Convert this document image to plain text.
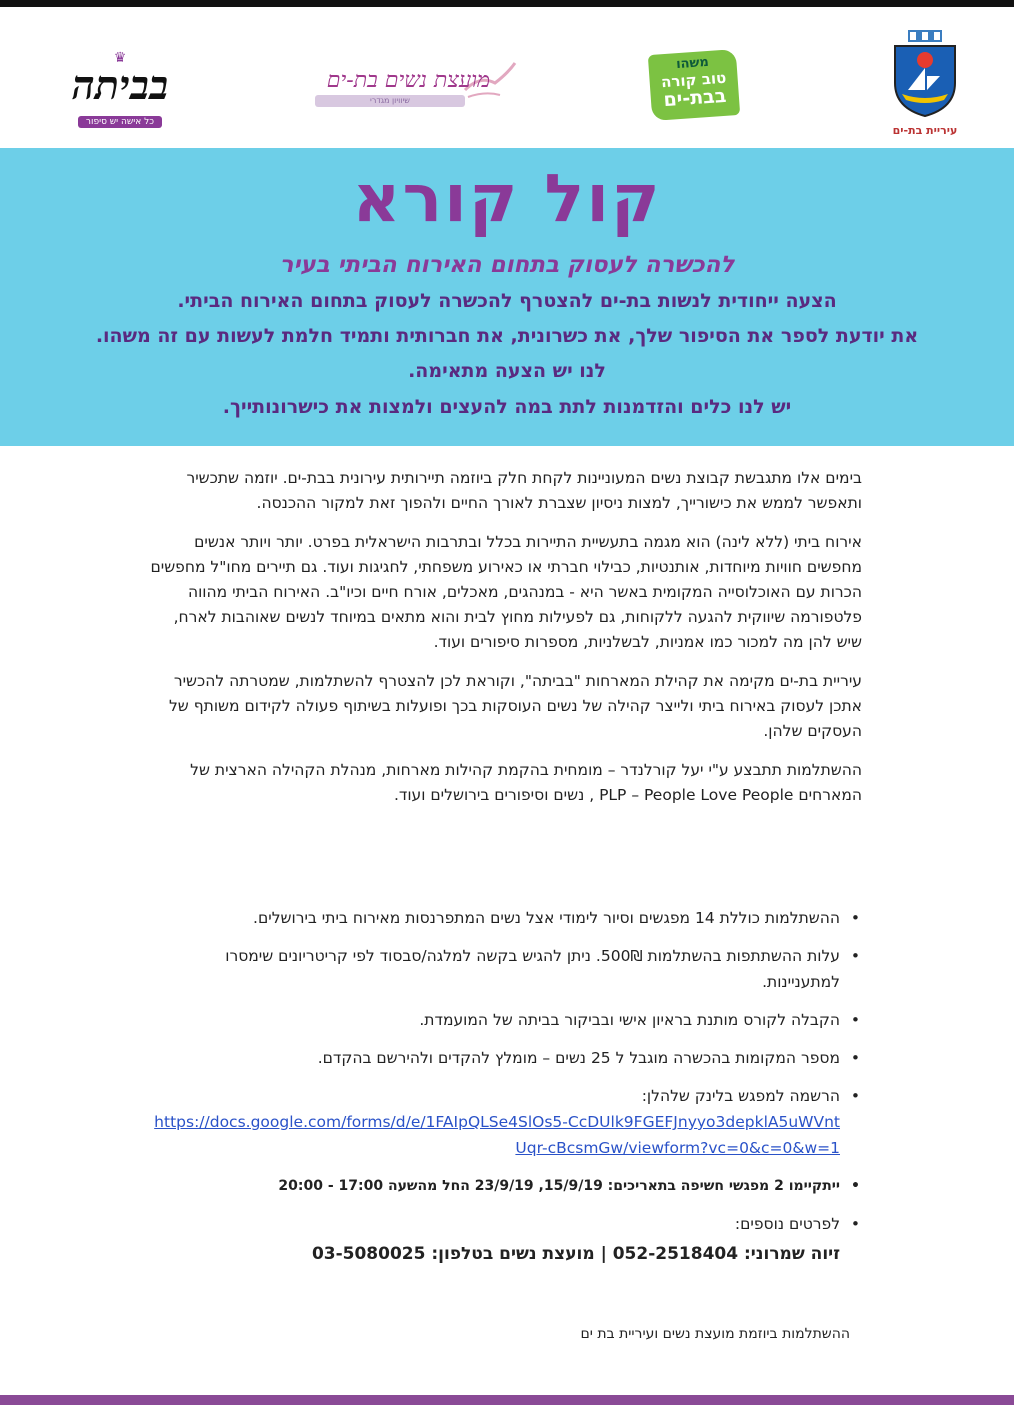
עיריית בת-ים
משהו
טוב קורה
בבת-ים
מועצת נשים בת-ים
שיוויון מגדרי
♛
בביתה
כל אישה יש סיפור
קול קורא
להכשרה לעסוק בתחום האירוח הביתי בעיר
הצעה ייחודית לנשות בת-ים להצטרף להכשרה לעסוק בתחום האירוח הביתי.
את יודעת לספר את הסיפור שלך, את כשרונית, את חברותית ותמיד חלמת לעשות עם זה משהו.
לנו יש הצעה מתאימה.
יש לנו כלים והזדמנות לתת במה להעצים ולמצות את כישרונותייך.

בימים אלו מתגבשת קבוצת נשים המעוניינות לקחת חלק ביוזמה תיירותית עירונית בבת-ים. יוזמה שתכשיר ותאפשר לממש את כישורייך, למצות ניסיון שצברת לאורך החיים ולהפוך זאת למקור ההכנסה.

אירוח ביתי (ללא לינה) הוא מגמה בתעשיית התיירות בכלל ובתרבות הישראלית בפרט. יותר ויותר אנשים מחפשים חוויות מיוחדות, אותנטיות, כבילוי חברתי או כאירוע משפחתי, לחגיגות ועוד. גם תיירים מחו"ל מחפשים הכרות עם האוכלוסייה המקומית באשר היא - במנהגים, מאכלים, אורח חיים וכיו"ב. האירוח הביתי מהווה פלטפורמה שיווקית להגעה ללקוחות, גם לפעילות מחוץ לבית והוא מתאים במיוחד לנשים שאוהבות לארח, שיש להן מה למכור כמו אמניות, לבשלניות, מספרות סיפורים ועוד.

עיריית בת-ים מקימה את קהילת המארחות "בביתה", וקוראת לכן להצטרף להשתלמות, שמטרתה להכשיר אתכן לעסוק באירוח ביתי ולייצר קהילה של נשים העוסקות בכך ופועלות בשיתוף פעולה לקידום משותף של העסקים שלהן.

ההשתלמות תתבצע ע"י יעל קורלנדר – מומחית בהקמת קהילות מארחות, מנהלת הקהילה הארצית של המארחים PLP – People Love People , נשים וסיפורים בירושלים ועוד.

• ההשתלמות כוללת 14 מפגשים וסיור לימודי אצל נשים המתפרנסות מאירוח ביתי בירושלים.
• עלות ההשתתפות בהשתלמות 500₪. ניתן להגיש בקשה למלגה/סבסוד לפי קריטריונים שימסרו למתעניינות.
• הקבלה לקורס מותנת בראיון אישי ובביקור בביתה של המועמדת.
• מספר המקומות בהכשרה מוגבל ל 25 נשים – מומלץ להקדים ולהירשם בהקדם.
• הרשמה למפגש בלינק שלהלן:
https://docs.google.com/forms/d/e/1FAIpQLSe4SlOs5-CcDUlk9FGEFJnyyo3depklA5uWVntUqr-cBcsmGw/viewform?vc=0&c=0&w=1
• ייתקיימו 2 מפגשי חשיפה בתאריכים: 15/9/19, 23/9/19 החל מהשעה 17:00 - 20:00
• לפרטים נוספים:
זיוה שמרוני: 052-2518404 | מועצת נשים בטלפון: 03-5080025
ההשתלמות ביוזמת מועצת נשים ועיריית בת ים
